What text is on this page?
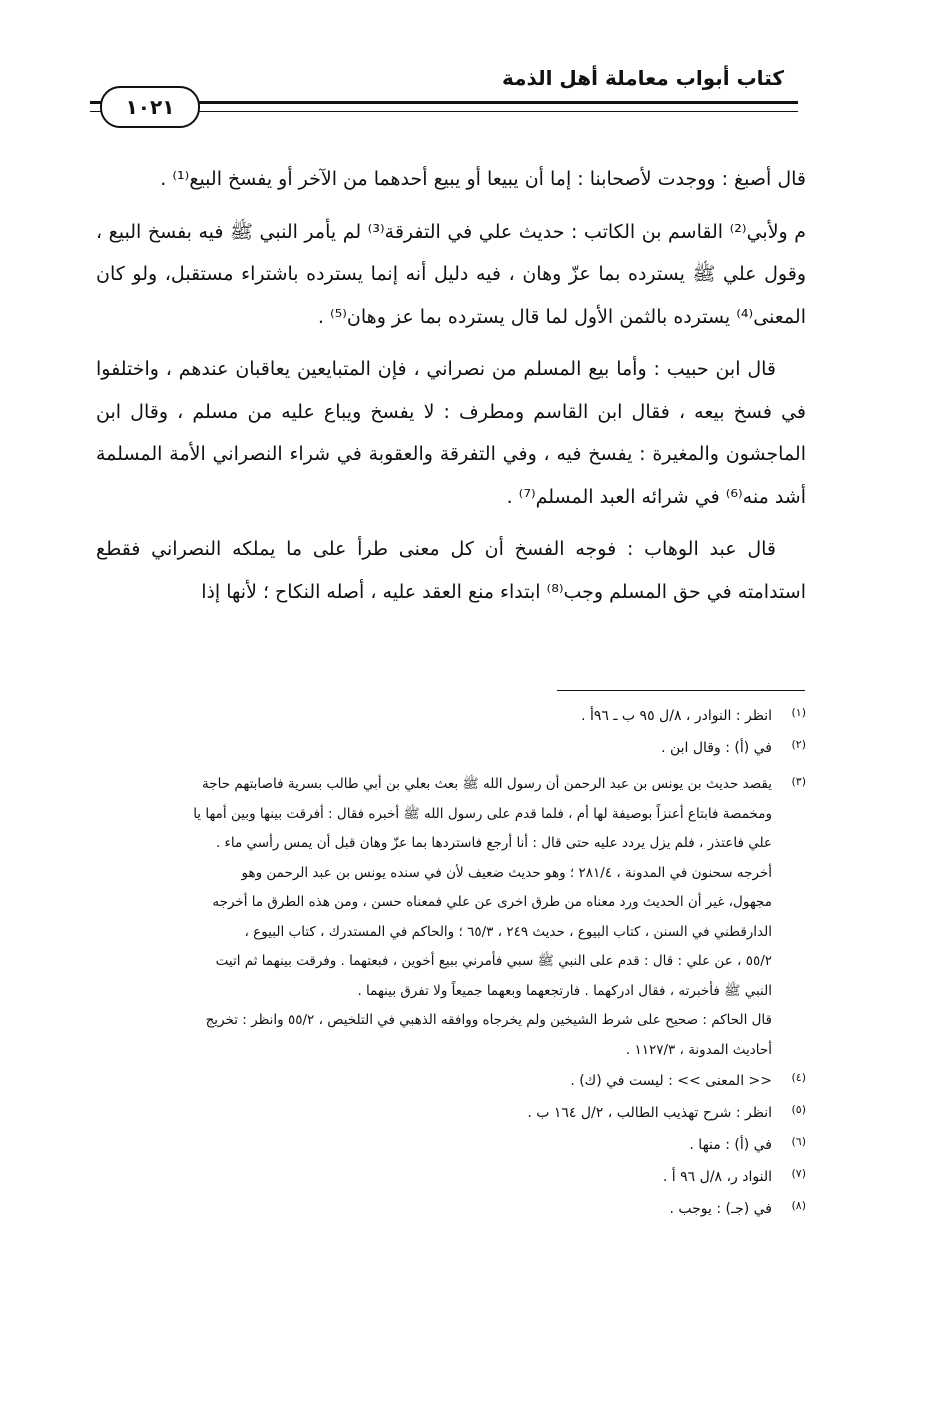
كتاب أبواب معاملة أهل الذمة
١٠٢١

قال أصبغ : ووجدت لأصحابنا : إما أن يبيعا أو يبيع أحدهما من الآخر أو يفسخ البيع⁽¹⁾ .

م ولأبي⁽²⁾ القاسم بن الكاتب : حديث علي في التفرقة⁽³⁾ لم يأمر النبي ﷺ فيه بفسخ البيع ، وقول علي ﷺ يسترده بما عزّ وهان ، فيه دليل أنه إنما يسترده باشتراء مستقبل، ولو كان المعنى⁽⁴⁾ يسترده بالثمن الأول لما قال يسترده بما عز وهان⁽⁵⁾ .

قال ابن حبيب : وأما بيع المسلم من نصراني ، فإن المتبايعين يعاقبان عندهم ، واختلفوا في فسخ بيعه ، فقال ابن القاسم ومطرف : لا يفسخ ويباع عليه من مسلم ، وقال ابن الماجشون والمغيرة : يفسخ فيه ، وفي التفرقة والعقوبة في شراء النصراني الأمة المسلمة أشد منه⁽⁶⁾ في شرائه العبد المسلم⁽⁷⁾ .

قال عبد الوهاب : فوجه الفسخ أن كل معنى طرأ على ما يملكه النصراني فقطع استدامته في حق المسلم وجب⁽⁸⁾ ابتداء منع العقد عليه ، أصله النكاح ؛ لأنها إذا

(١)
انظر : النوادر ، ٨/ل ٩٥ ب ـ ٩٦أ .
(٢)
في (أ) : وقال ابن .
(٣)
يقصد حديث بن يونس بن عبد الرحمن أن رسول الله ﷺ بعث بعلي بن أبي طالب بسرية فاصابتهم حاجة
ومخمصة فابتاع أعنزاً بوصيفة لها أم ، فلما قدم على رسول الله ﷺ أخبره فقال : أفرقت بينها وبين أمها يا
علي فاعتذر ، فلم يزل يردد عليه حتى قال : أنا أرجع فاستردها بما عزّ وهان قبل أن يمس رأسي ماء .
أخرجه سحنون في المدونة ، ٢٨١/٤ ؛ وهو حديث ضعيف لأن في سنده يونس بن عبد الرحمن وهو
مجهول، غير أن الحديث ورد معناه من طرق اخرى عن علي فمعناه حسن ، ومن هذه الطرق ما أخرجه
الدارقطني في السنن ، كتاب البيوع ، حديث ٢٤٩ ، ٦٥/٣ ؛ والحاكم في المستدرك ، كتاب البيوع ،
٥٥/٢ ، عن علي : قال : قدم على النبي ﷺ سبي فأمرني ببيع أخوين ، فبعتهما . وفرقت بينهما ثم اتيت
النبي ﷺ فأخبرته ، فقال ادركهما . فارتجعهما وبعهما جميعاً ولا تفرق بينهما .
قال الحاكم : صحيح على شرط الشيخين ولم يخرجاه ووافقه الذهبي في التلخيص ، ٥٥/٢ وانظر : تخريج
أحاديث المدونة ، ١١٢٧/٣ .
(٤)
<< المعنى >> : ليست في (ك) .
(٥)
انظر : شرح تهذيب الطالب ، ٢/ل ١٦٤ ب .
(٦)
في (أ) : منها .
(٧)
النواد ر، ٨/ل ٩٦ أ .
(٨)
في (جـ) : يوجب .
